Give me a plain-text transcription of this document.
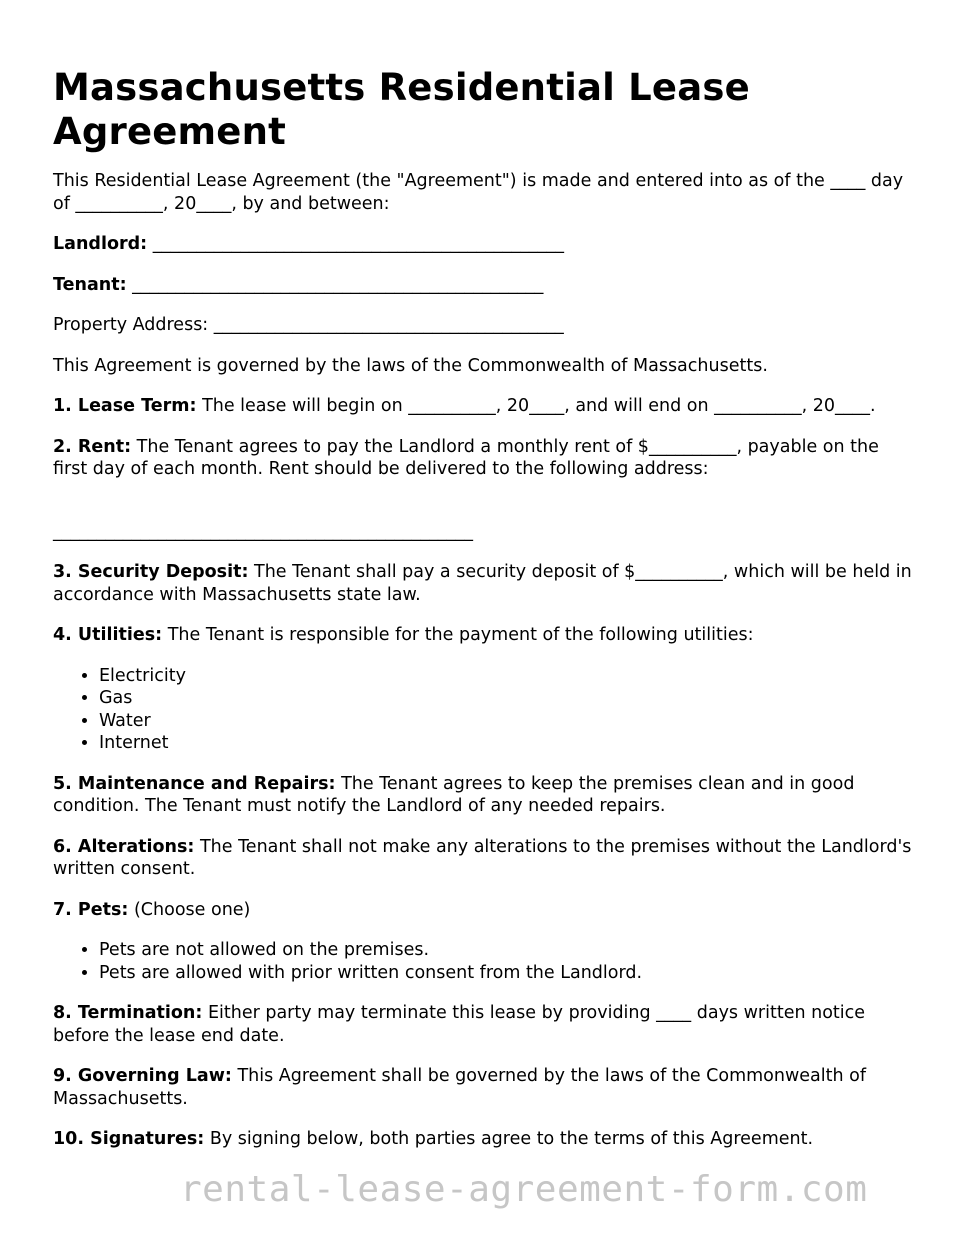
Massachusetts Residential Lease Agreement

This Residential Lease Agreement (the "Agreement") is made and entered into as of the ____ day of __________, 20____, by and between:

Landlord: _______________________________________________

Tenant: _______________________________________________

Property Address: ________________________________________

This Agreement is governed by the laws of the Commonwealth of Massachusetts.

1. Lease Term: The lease will begin on __________, 20____, and will end on __________, 20____.

2. Rent: The Tenant agrees to pay the Landlord a monthly rent of $__________, payable on the first day of each month. Rent should be delivered to the following address:

________________________________________________

3. Security Deposit: The Tenant shall pay a security deposit of $__________, which will be held in accordance with Massachusetts state law.

4. Utilities: The Tenant is responsible for the payment of the following utilities:

• Electricity
• Gas
• Water
• Internet

5. Maintenance and Repairs: The Tenant agrees to keep the premises clean and in good condition. The Tenant must notify the Landlord of any needed repairs.

6. Alterations: The Tenant shall not make any alterations to the premises without the Landlord's written consent.

7. Pets: (Choose one)

• Pets are not allowed on the premises.
• Pets are allowed with prior written consent from the Landlord.

8. Termination: Either party may terminate this lease by providing ____ days written notice before the lease end date.

9. Governing Law: This Agreement shall be governed by the laws of the Commonwealth of Massachusetts.

10. Signatures: By signing below, both parties agree to the terms of this Agreement.

rental-lease-agreement-form.com
